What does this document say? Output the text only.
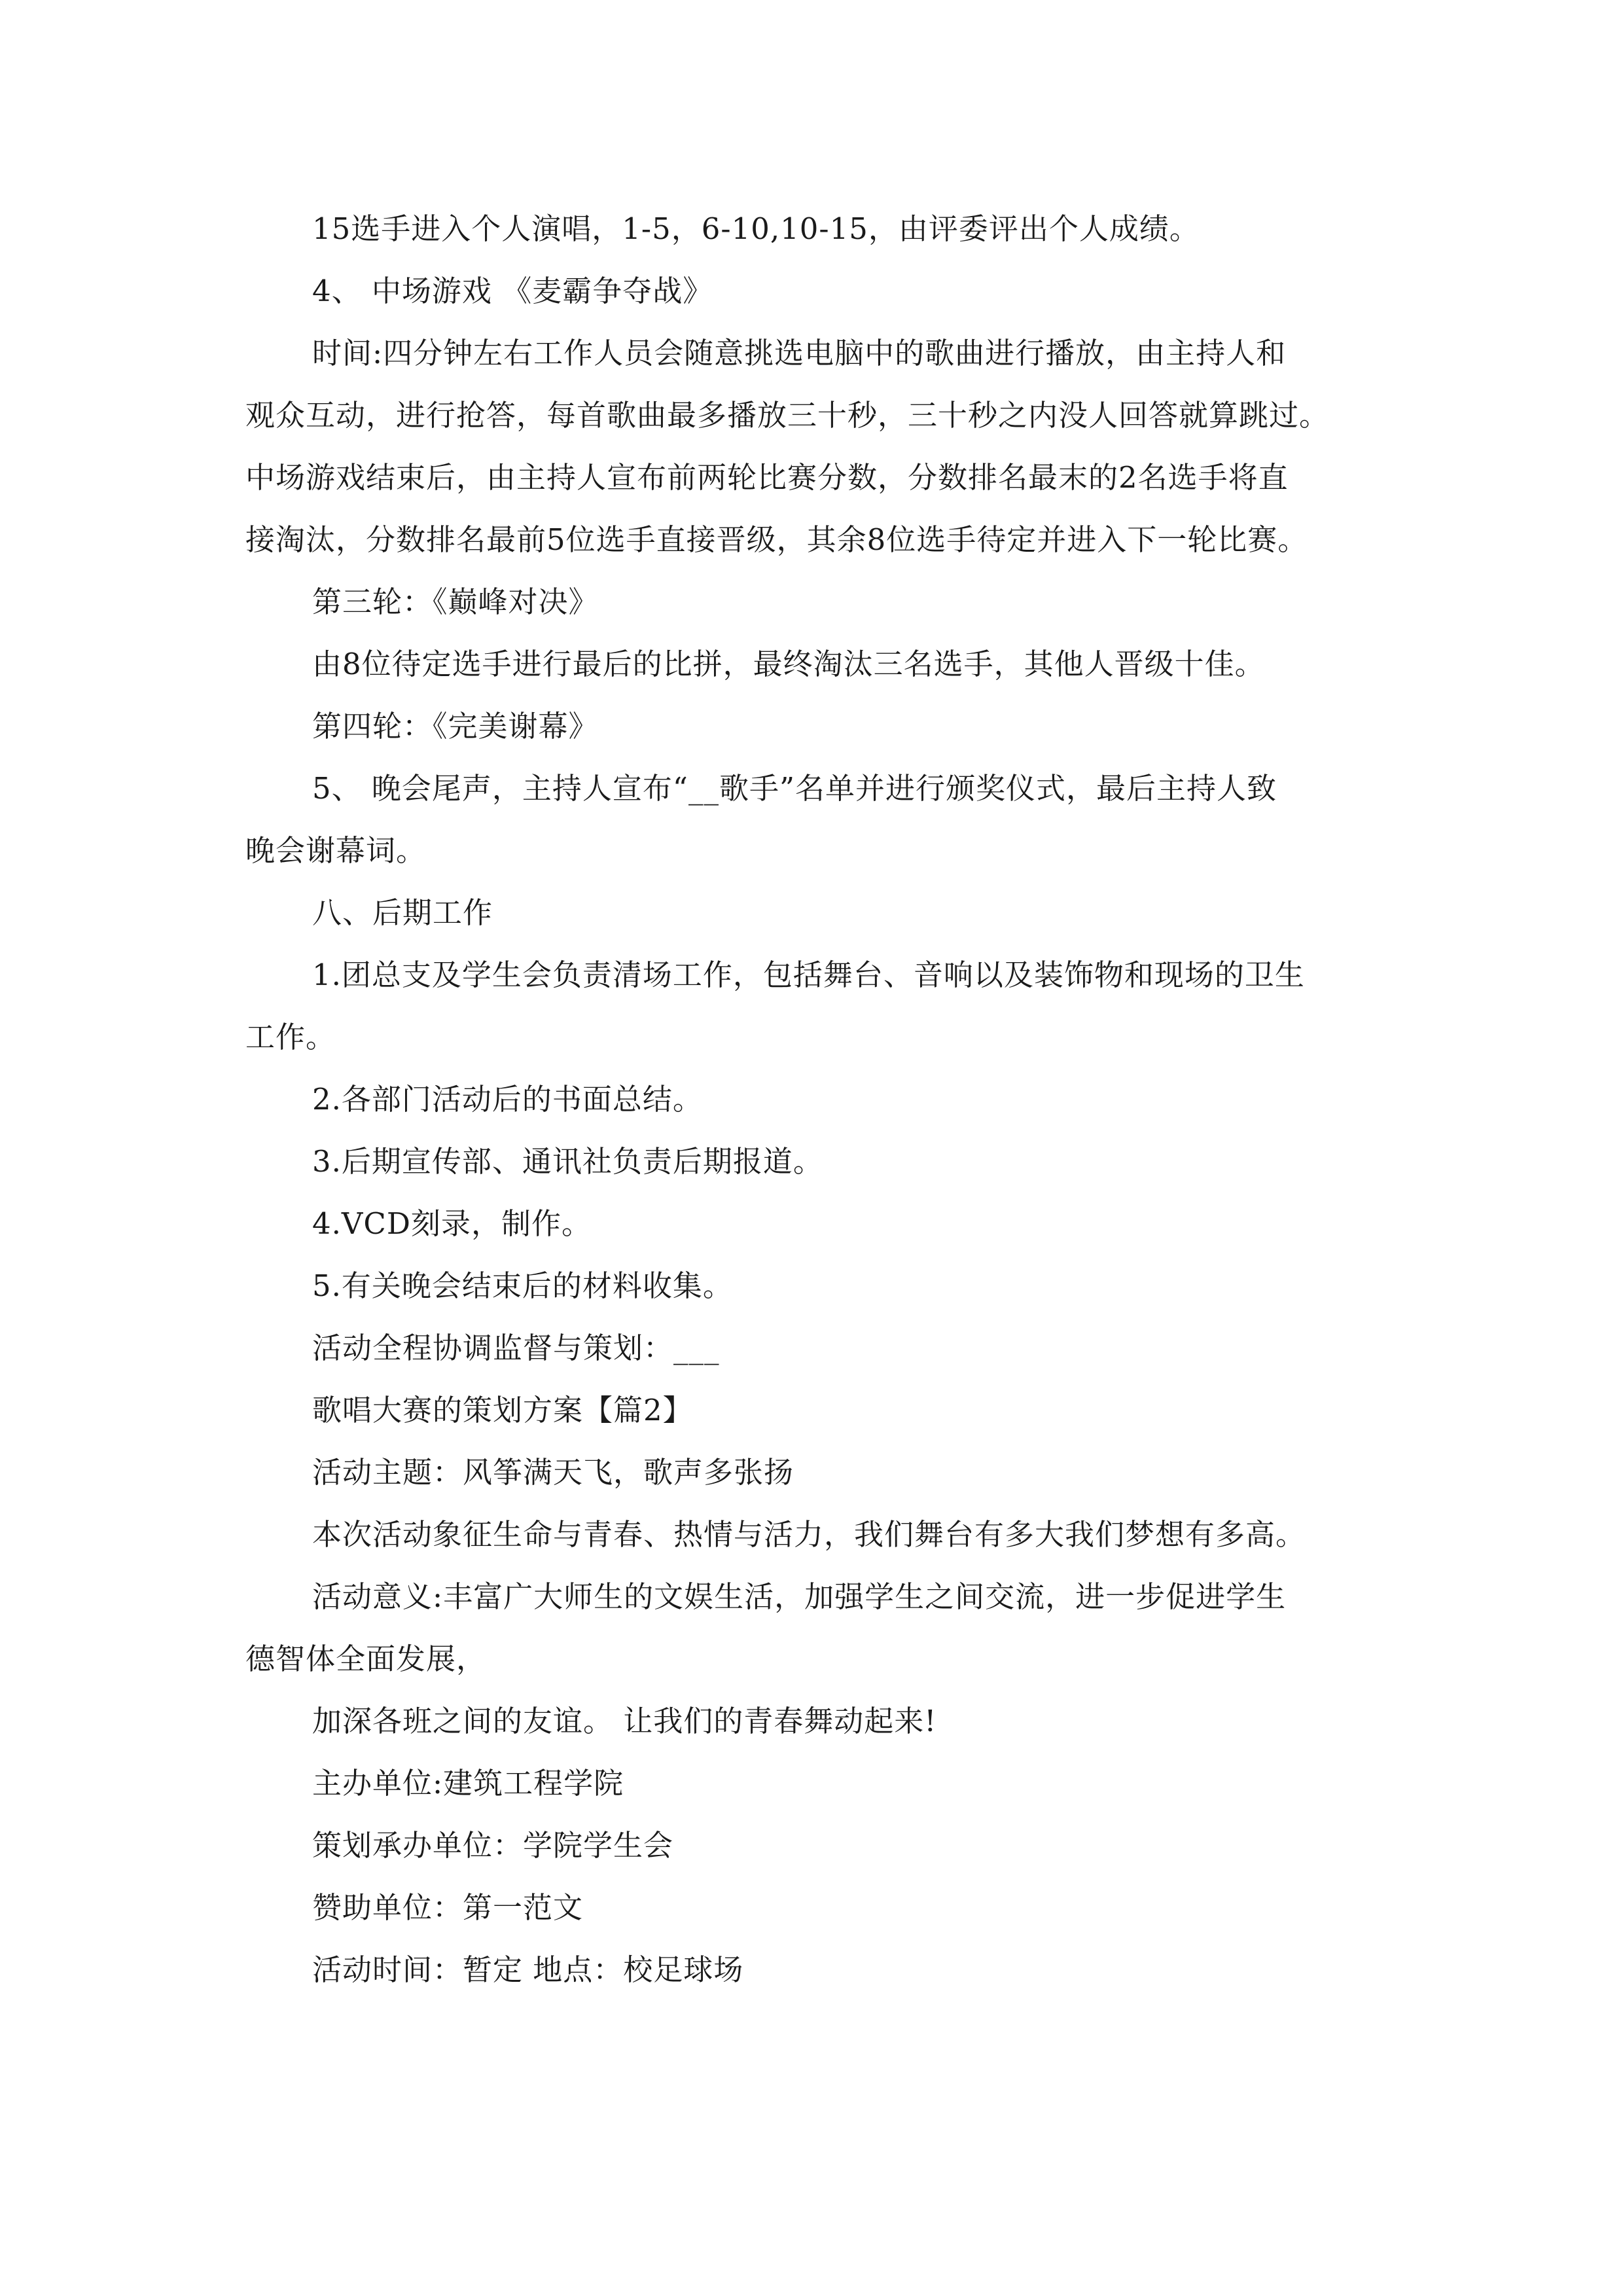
15选手进入个人演唱，1-5，6-10,10-15，由评委评出个人成绩。
4、 中场游戏 《麦霸争夺战》
时间:四分钟左右工作人员会随意挑选电脑中的歌曲进行播放，由主持人和
观众互动，进行抢答，每首歌曲最多播放三十秒，三十秒之内没人回答就算跳过。
中场游戏结束后，由主持人宣布前两轮比赛分数，分数排名最末的2名选手将直
接淘汰，分数排名最前5位选手直接晋级，其余8位选手待定并进入下一轮比赛。
第三轮：《巅峰对决》
由8位待定选手进行最后的比拼，最终淘汰三名选手，其他人晋级十佳。
第四轮：《完美谢幕》
5、 晚会尾声，主持人宣布“__歌手”名单并进行颁奖仪式，最后主持人致
晚会谢幕词。
八、后期工作
1.团总支及学生会负责清场工作，包括舞台、音响以及装饰物和现场的卫生
工作。
2.各部门活动后的书面总结。
3.后期宣传部、通讯社负责后期报道。
4.VCD刻录，制作。
5.有关晚会结束后的材料收集。
活动全程协调监督与策划：___
歌唱大赛的策划方案【篇2】
活动主题：风筝满天飞，歌声多张扬
本次活动象征生命与青春、热情与活力，我们舞台有多大我们梦想有多高。
活动意义:丰富广大师生的文娱生活，加强学生之间交流，进一步促进学生
德智体全面发展，
加深各班之间的友谊。 让我们的青春舞动起来!
主办单位:建筑工程学院
策划承办单位：学院学生会
赞助单位：第一范文
活动时间：暂定 地点：校足球场
